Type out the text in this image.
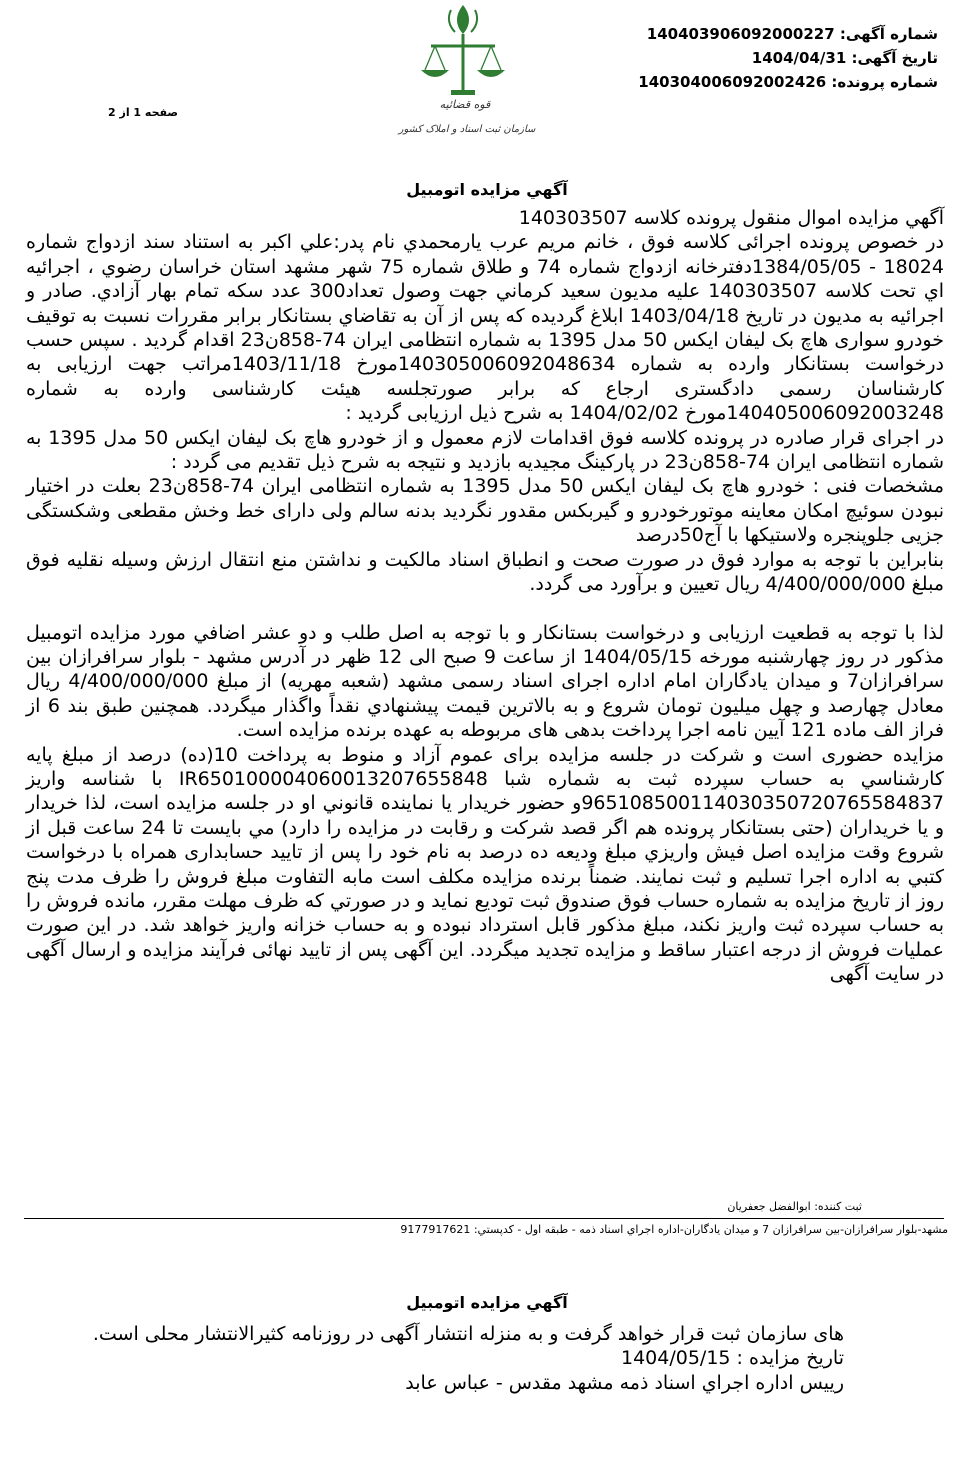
شماره آگهی: 140403906092000227
تاریخ آگهی: 1404/04/31
شماره پرونده: 140304006092002426
قوه قضائیه
سازمان ثبت اسناد و املاک کشور
صفحه 1 از 2
آگهي مزايده اتومبيل

آگهي مزايده اموال منقول پرونده کلاسه 140303507

در خصوص پرونده اجرائی کلاسه فوق ، خانم مريم عرب يارمحمدي نام پدر:علي اکبر به استناد سند ازدواج شماره 18024 - 1384/05/05دفترخانه ازدواج شماره 74 و طلاق شماره 75 شهر مشهد استان خراسان رضوي ، اجرائيه اي تحت کلاسه 140303507 عليه مديون سعيد کرماني جهت وصول تعداد300 عدد سکه تمام بهار آزادي. صادر و اجرائيه به مديون در تاريخ 1403/04/18 ابلاغ گرديده که پس از آن به تقاضاي بستانکار برابر مقررات نسبت به توقيف خودرو سواری هاچ بک ليفان ايکس 50 مدل 1395 به شماره انتظامی ايران 74-858ن23 اقدام گرديد . سپس حسب درخواست بستانکار وارده به شماره 140305006092048634مورخ 1403/11/18مراتب جهت ارزيابی به کارشناسان رسمی دادگستری ارجاع که برابر صورتجلسه هيئت کارشناسی وارده به شماره 140405006092003248مورخ 1404/02/02 به شرح ذيل ارزيابی گرديد :

در اجرای قرار صادره در پرونده کلاسه فوق اقدامات لازم معمول و از خودرو هاچ بک ليفان ايکس 50 مدل 1395 به شماره انتظامی ايران 74-858ن23 در پارکينگ مجيديه بازديد و نتيجه به شرح ذيل تقديم می گردد :

مشخصات فنی : خودرو هاچ بک ليفان ايکس 50 مدل 1395 به شماره انتظامی ايران 74-858ن23 بعلت در اختيار نبودن سوئيچ امکان معاينه موتورخودرو و گيربکس مقدور نگرديد بدنه سالم ولی دارای خط وخش مقطعی وشکستگی جزيی جلوپنجره ولاستيکها با آج50درصد

بنابراين با توجه به موارد فوق در صورت صحت و انطباق اسناد مالکيت و نداشتن منع انتقال ارزش وسيله نقليه فوق مبلغ 4/400/000/000 ريال تعيين و برآورد می گردد.

لذا با توجه به قطعيت ارزيابی و درخواست بستانکار و با توجه به اصل طلب و دو عشر اضافي مورد مزايده اتومبيل مذکور در روز چهارشنبه مورخه 1404/05/15 از ساعت 9 صبح الی 12 ظهر در آدرس مشهد - بلوار سرافرازان بين سرافرازان7 و ميدان يادگاران امام اداره اجرای اسناد رسمی مشهد (شعبه مهريه) از مبلغ 4/400/000/000 ريال معادل چهارصد و چهل ميليون تومان شروع و به بالاترين قيمت پيشنهادي نقداً واگذار ميگردد. همچنين طبق بند 6 از فراز الف ماده 121 آيين نامه اجرا پرداخت بدهی های مربوطه به عهده برنده مزايده است.

مزايده حضوری است و شرکت در جلسه مزايده برای عموم آزاد و منوط به پرداخت 10(ده) درصد از مبلغ پايه کارشناسي به حساب سپرده ثبت به شماره شبا IR650100004060013207655848 با شناسه واريز 965108500114030350720765584837و حضور خريدار يا نماينده قانوني او در جلسه مزايده است، لذا خريدار و يا خريداران (حتی بستانکار پرونده هم اگر قصد شرکت و رقابت در مزايده را دارد) مي بايست تا 24 ساعت قبل از شروع وقت مزايده اصل فيش واريزي مبلغ وديعه ده درصد به نام خود را پس از تاييد حسابداری همراه با درخواست کتبي به اداره اجرا تسليم و ثبت نمايند. ضمناً برنده مزايده مکلف است مابه التفاوت مبلغ فروش را ظرف مدت پنج روز از تاريخ مزايده به شماره حساب فوق صندوق ثبت توديع نمايد و در صورتي که ظرف مهلت مقرر، مانده فروش را به حساب سپرده ثبت واريز نکند، مبلغ مذکور قابل استرداد نبوده و به حساب خزانه واريز خواهد شد. در اين صورت عمليات فروش از درجه اعتبار ساقط و مزايده تجديد ميگردد. اين آگهی پس از تاييد نهائی فرآيند مزايده و ارسال آگهی در سايت آگهی

ثبت کننده: ابوالفضل جعفريان
مشهد-بلوار سرافرازان-بين سرافرازان 7 و ميدان يادگاران-اداره اجراي اسناد ذمه - طبقه اول - کدپستي: 9177917621
آگهي مزايده اتومبيل

های سازمان ثبت قرار خواهد گرفت و به منزله انتشار آگهی در روزنامه کثيرالانتشار محلی است.

تاريخ مزايده : 1404/05/15

رييس اداره اجراي اسناد ذمه مشهد مقدس - عباس عابد
